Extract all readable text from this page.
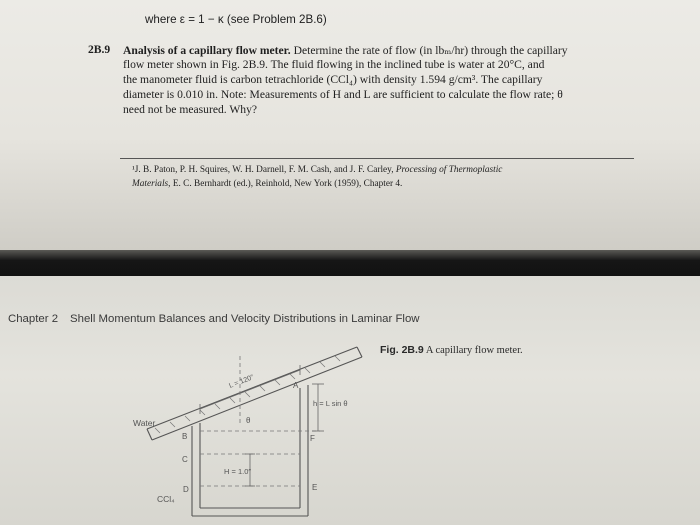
where ε = 1 − κ (see Problem 2B.6)
2B.9 Analysis of a capillary flow meter. Determine the rate of flow (in lbₘ/hr) through the capillary
flow meter shown in Fig. 2B.9. The fluid flowing in the inclined tube is water at 20°C, and
the manometer fluid is carbon tetrachloride (CCl₄) with density 1.594 g/cm³. The capillary
diameter is 0.010 in. Note: Measurements of H and L are sufficient to calculate the flow rate; θ
need not be measured. Why?
¹J. B. Paton, P. H. Squires, W. H. Darnell, F. M. Cash, and J. F. Carley, Processing of Thermoplastic
Materials, E. C. Bernhardt (ed.), Reinhold, New York (1959), Chapter 4.
Chapter 2 Shell Momentum Balances and Velocity Distributions in Laminar Flow
Fig. 2B.9 A capillary flow meter.
Water
L = 120″	A
B
C
D	E
F
θ
h = L sin θ
H = 1.0″
CCl₄
